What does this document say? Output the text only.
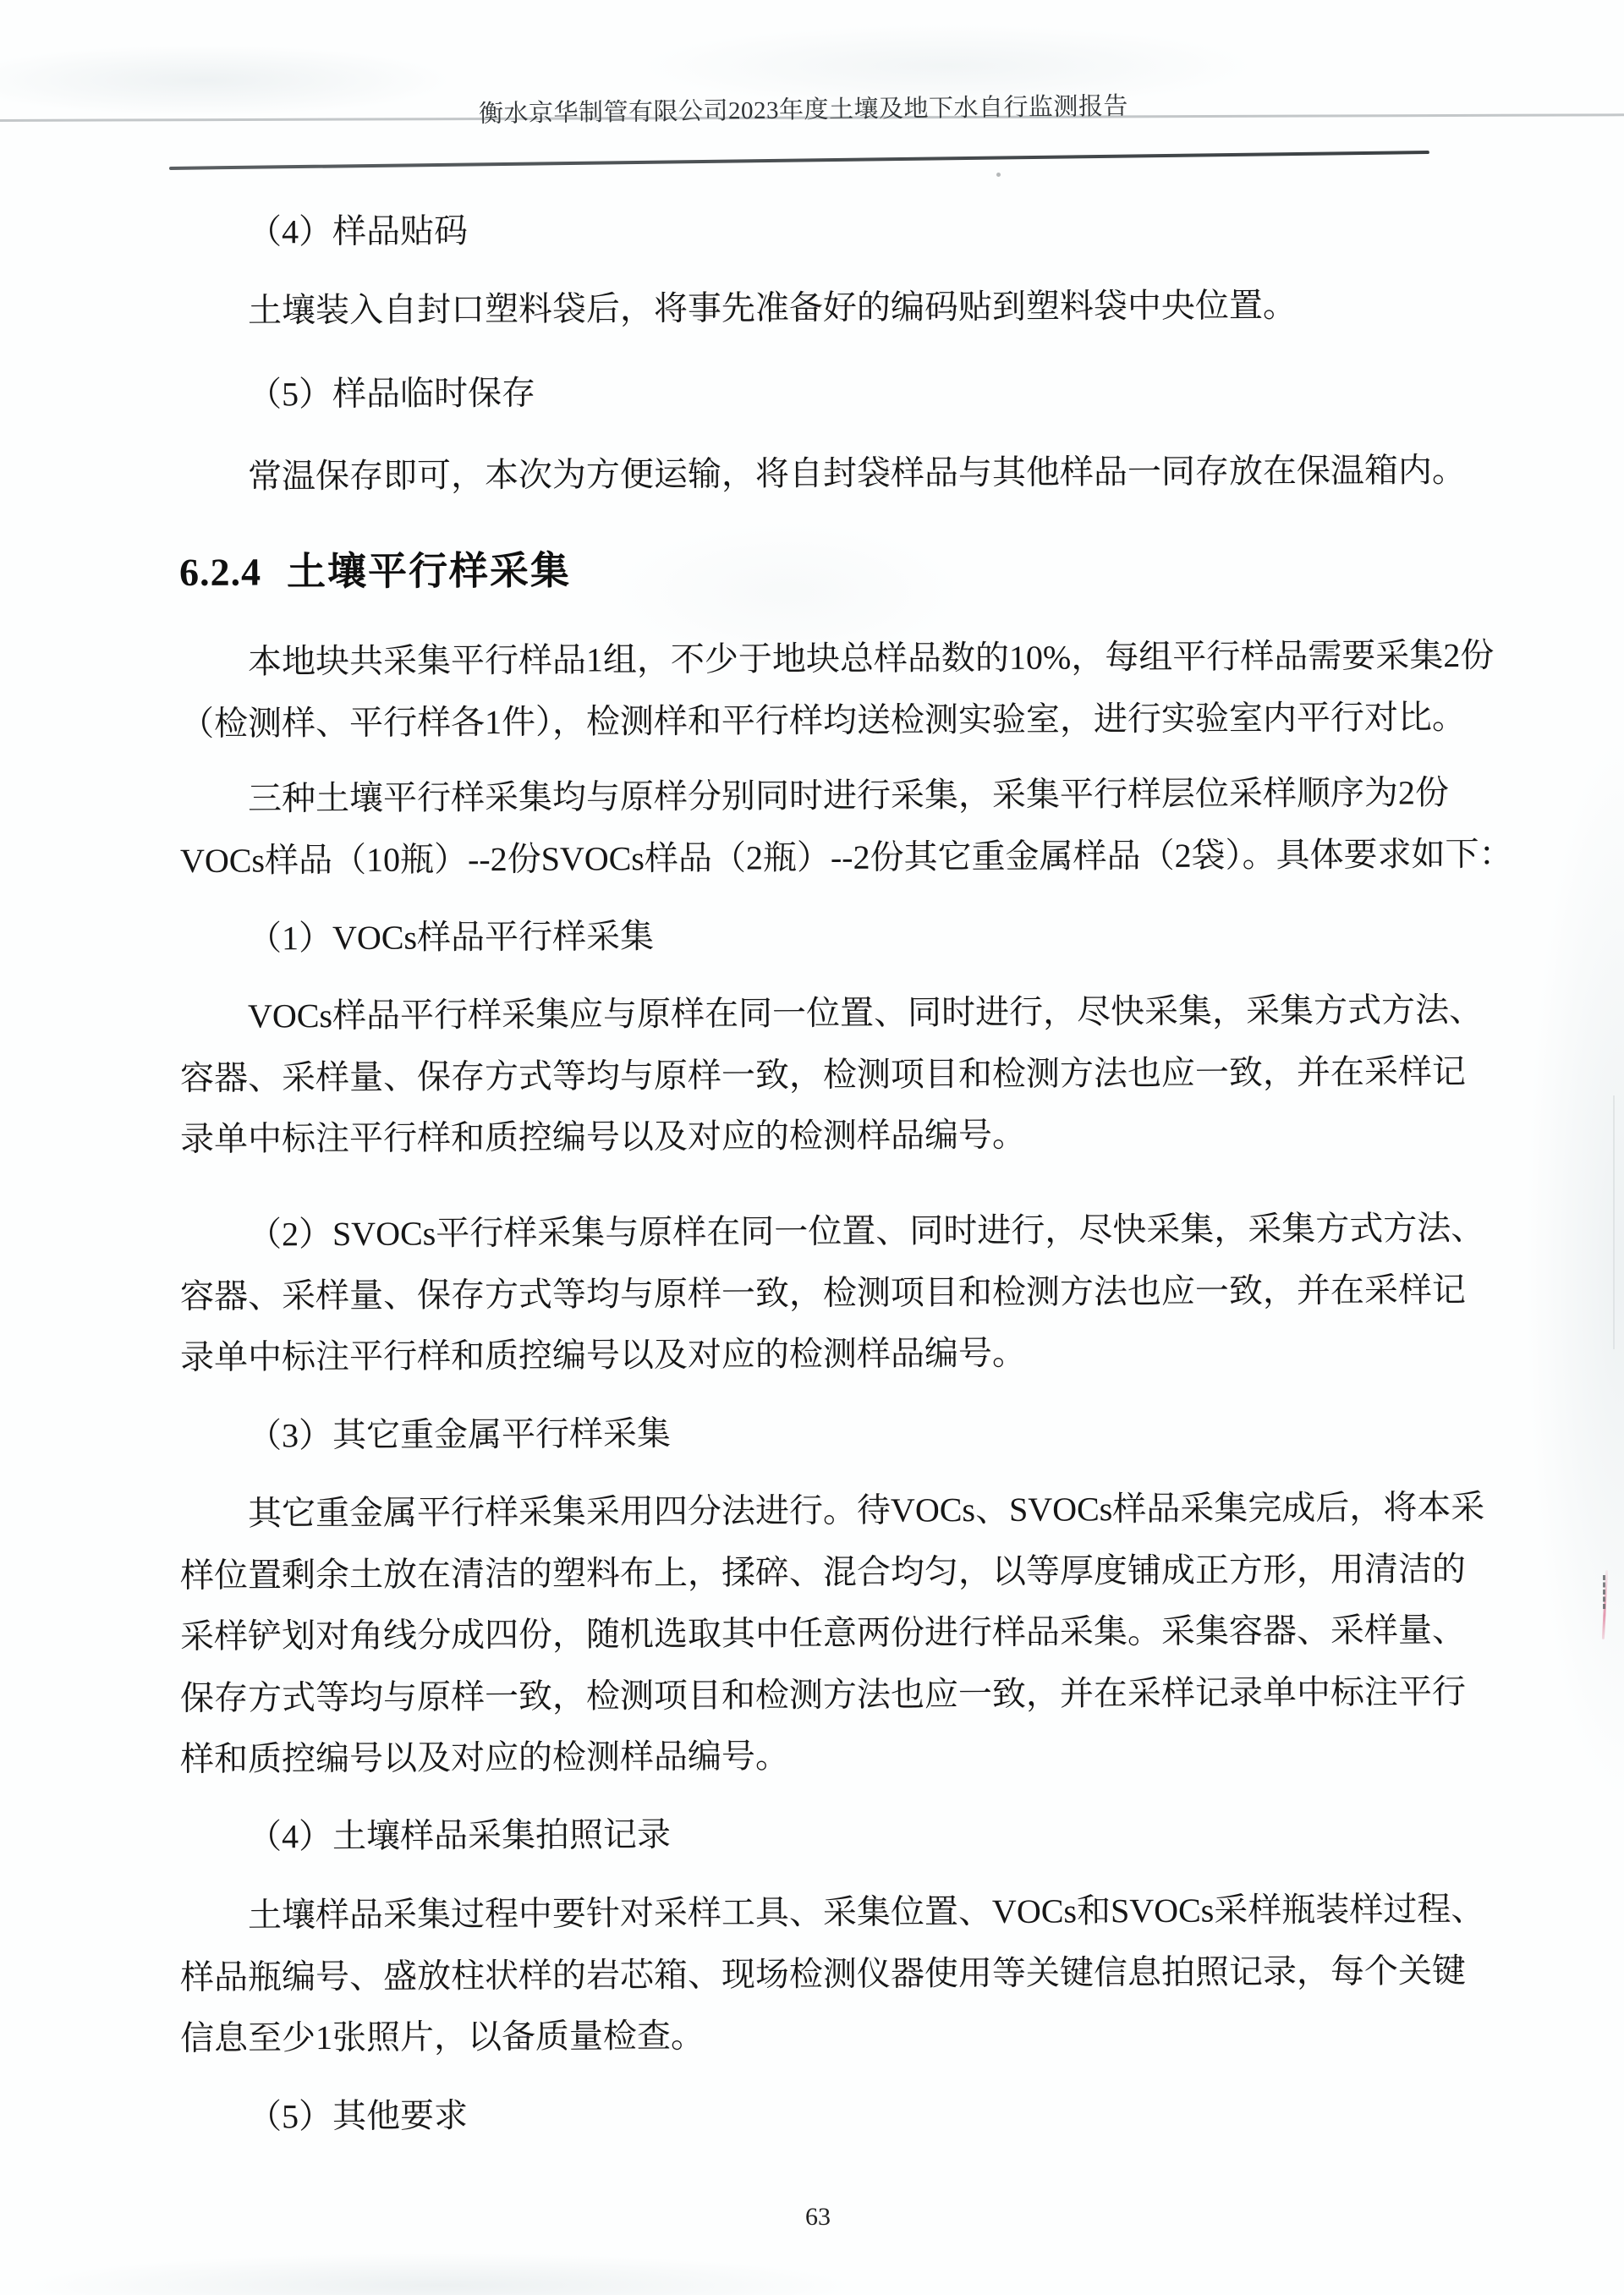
衡水京华制管有限公司2023年度土壤及地下水自行监测报告
（4）样品贴码
土壤装入自封口塑料袋后，将事先准备好的编码贴到塑料袋中央位置。
（5）样品临时保存
常温保存即可，本次为方便运输，将自封袋样品与其他样品一同存放在保温箱内。
6.2.4 土壤平行样采集
本地块共采集平行样品1组，不少于地块总样品数的10%，每组平行样品需要采集2份
（检测样、平行样各1件），检测样和平行样均送检测实验室，进行实验室内平行对比。
三种土壤平行样采集均与原样分别同时进行采集，采集平行样层位采样顺序为2份
VOCs样品（10瓶）--2份SVOCs样品（2瓶）--2份其它重金属样品（2袋）。具体要求如下：
（1）VOCs样品平行样采集
VOCs样品平行样采集应与原样在同一位置、同时进行，尽快采集，采集方式方法、
容器、采样量、保存方式等均与原样一致，检测项目和检测方法也应一致，并在采样记
录单中标注平行样和质控编号以及对应的检测样品编号。
（2）SVOCs平行样采集与原样在同一位置、同时进行，尽快采集，采集方式方法、
容器、采样量、保存方式等均与原样一致，检测项目和检测方法也应一致，并在采样记
录单中标注平行样和质控编号以及对应的检测样品编号。
（3）其它重金属平行样采集
其它重金属平行样采集采用四分法进行。待VOCs、SVOCs样品采集完成后，将本采
样位置剩余土放在清洁的塑料布上，揉碎、混合均匀，以等厚度铺成正方形，用清洁的
采样铲划对角线分成四份，随机选取其中任意两份进行样品采集。采集容器、采样量、
保存方式等均与原样一致，检测项目和检测方法也应一致，并在采样记录单中标注平行
样和质控编号以及对应的检测样品编号。
（4）土壤样品采集拍照记录
土壤样品采集过程中要针对采样工具、采集位置、VOCs和SVOCs采样瓶装样过程、
样品瓶编号、盛放柱状样的岩芯箱、现场检测仪器使用等关键信息拍照记录，每个关键
信息至少1张照片，以备质量检查。
（5）其他要求
63
